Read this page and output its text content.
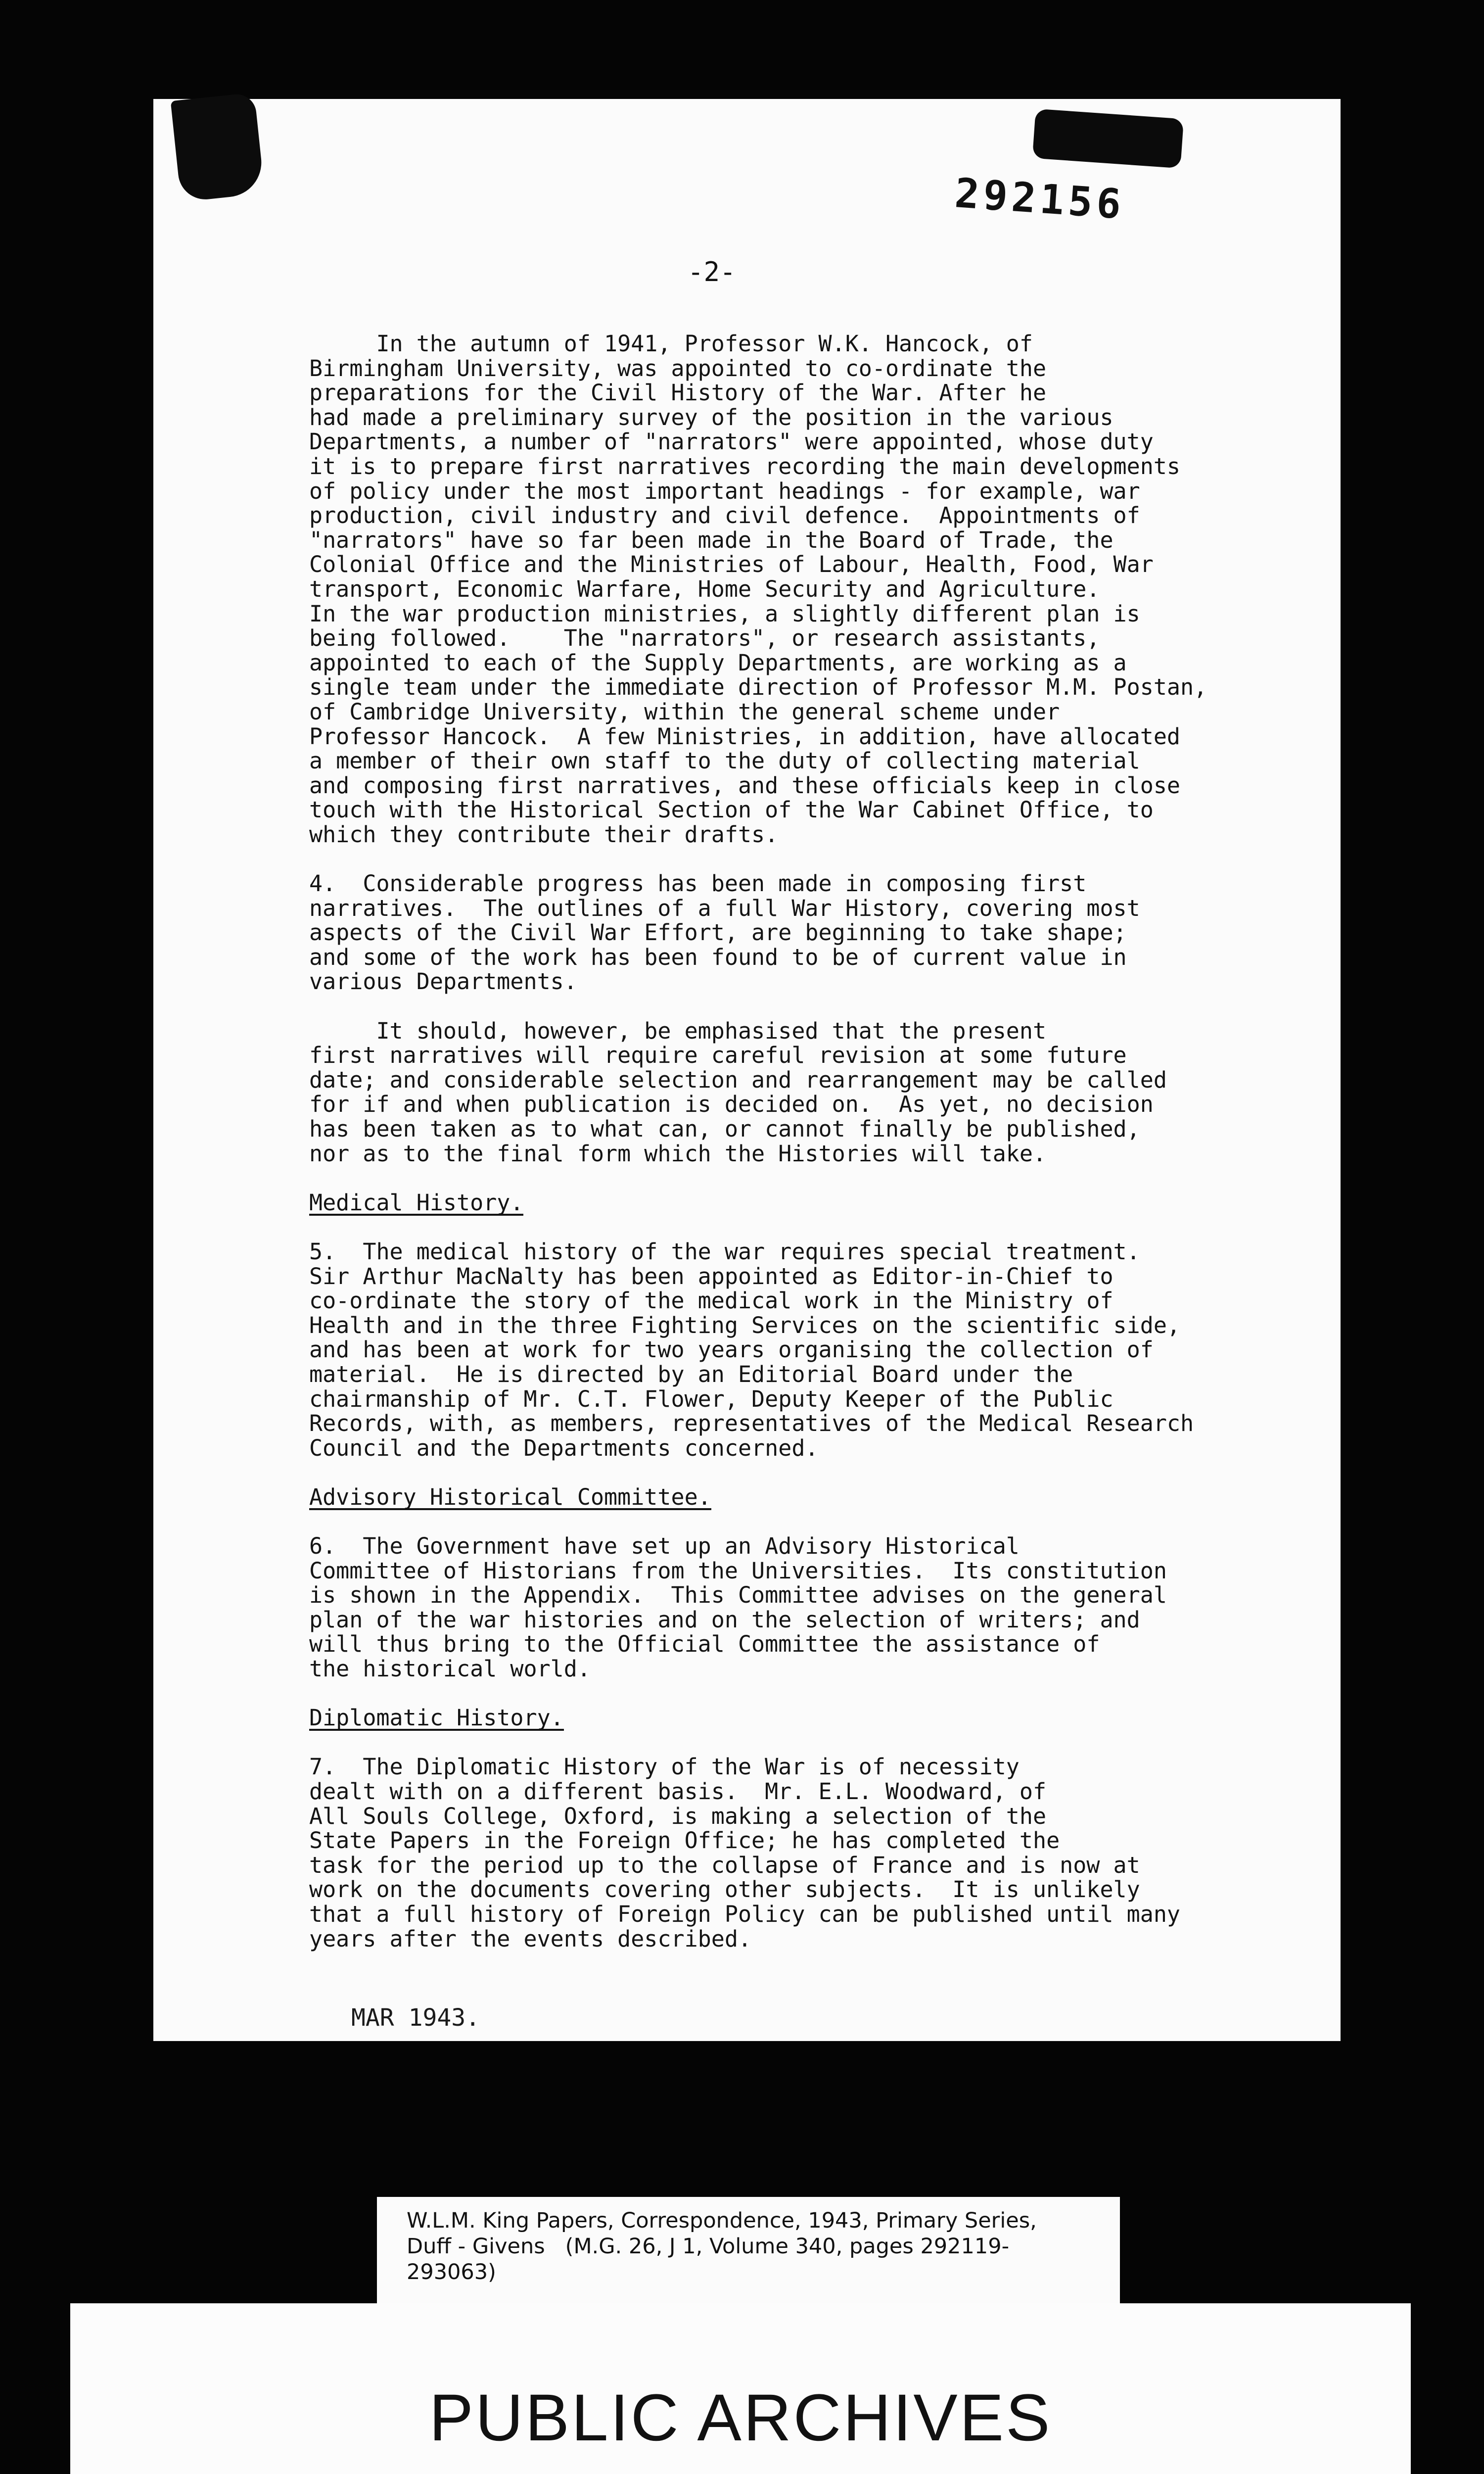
292156
-2-
In the autumn of 1941, Professor W.K. Hancock, of
Birmingham University, was appointed to co-ordinate the
preparations for the Civil History of the War. After he
had made a preliminary survey of the position in the various
Departments, a number of "narrators" were appointed, whose duty
it is to prepare first narratives recording the main developments
of policy under the most important headings - for example, war
production, civil industry and civil defence.  Appointments of
"narrators" have so far been made in the Board of Trade, the
Colonial Office and the Ministries of Labour, Health, Food, War
transport, Economic Warfare, Home Security and Agriculture.
In the war production ministries, a slightly different plan is
being followed.    The "narrators", or research assistants,
appointed to each of the Supply Departments, are working as a
single team under the immediate direction of Professor M.M. Postan,
of Cambridge University, within the general scheme under
Professor Hancock.  A few Ministries, in addition, have allocated
a member of their own staff to the duty of collecting material
and composing first narratives, and these officials keep in close
touch with the Historical Section of the War Cabinet Office, to
which they contribute their drafts.
4.  Considerable progress has been made in composing first
narratives.  The outlines of a full War History, covering most
aspects of the Civil War Effort, are beginning to take shape;
and some of the work has been found to be of current value in
various Departments.
It should, however, be emphasised that the present
first narratives will require careful revision at some future
date; and considerable selection and rearrangement may be called
for if and when publication is decided on.  As yet, no decision
has been taken as to what can, or cannot finally be published,
nor as to the final form which the Histories will take.
Medical History.
5.  The medical history of the war requires special treatment.
Sir Arthur MacNalty has been appointed as Editor-in-Chief to
co-ordinate the story of the medical work in the Ministry of
Health and in the three Fighting Services on the scientific side,
and has been at work for two years organising the collection of
material.  He is directed by an Editorial Board under the
chairmanship of Mr. C.T. Flower, Deputy Keeper of the Public
Records, with, as members, representatives of the Medical Research
Council and the Departments concerned.
Advisory Historical Committee.
6.  The Government have set up an Advisory Historical
Committee of Historians from the Universities.  Its constitution
is shown in the Appendix.  This Committee advises on the general
plan of the war histories and on the selection of writers; and
will thus bring to the Official Committee the assistance of
the historical world.
Diplomatic History.
7.  The Diplomatic History of the War is of necessity
dealt with on a different basis.  Mr. E.L. Woodward, of
All Souls College, Oxford, is making a selection of the
State Papers in the Foreign Office; he has completed the
task for the period up to the collapse of France and is now at
work on the documents covering other subjects.  It is unlikely
that a full history of Foreign Policy can be published until many
years after the events described.
MAR 1943.
W.L.M. King Papers, Correspondence, 1943, Primary Series,
Duff - Givens   (M.G. 26, J 1, Volume 340, pages 292119-
293063)
PUBLIC ARCHIVES
